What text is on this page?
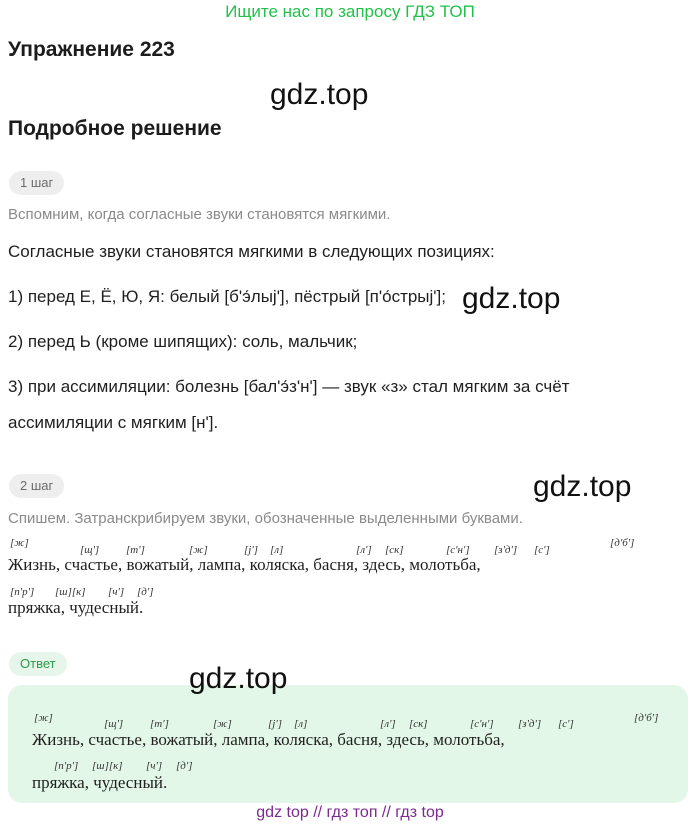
Ищите нас по запросу ГДЗ ТОП
Упражнение 223
gdz.top
Подробное решение
1 шаг
Вспомним, когда согласные звуки становятся мягкими.
Согласные звуки становятся мягкими в следующих позициях:
1) перед Е, Ё, Ю, Я: белый [б'э́лыj'], пёстрый [п'о́стрыj']; gdz.top
2) перед Ь (кроме шипящих): соль, мальчик;
3) при ассимиляции: болезнь [бал'э́з'н'] — звук «з» стал мягким за счёт
ассимиляции с мягким [н'].
2 шаг	gdz.top
Спишем. Затранскрибируем звуки, обозначенные выделенными буквами.
[ж]
[щ'] [т']	[ж]	[j'] [л]	[л'] [ск]	[с'н'] [з'д'] [с']
[д'б']
Жизнь, счастье, вожатый, лампа, коляска, басня, здесь, молотьба,
[п'р'] [ш][к] [ч'] [д']
пряжка, чудесный.
Ответ	gdz.top
[ж]	[щ'] [т']	[ж]	[j'] [л]	[л'] [ск]	[с'н'] [з'д'] [с']	[д'б']
Жизнь, счастье, вожатый, лампа, коляска, басня, здесь, молотьба,
[п'р'] [ш][к] [ч'] [д']
пряжка, чудесный.
gdz top // гдз топ // гдз top
